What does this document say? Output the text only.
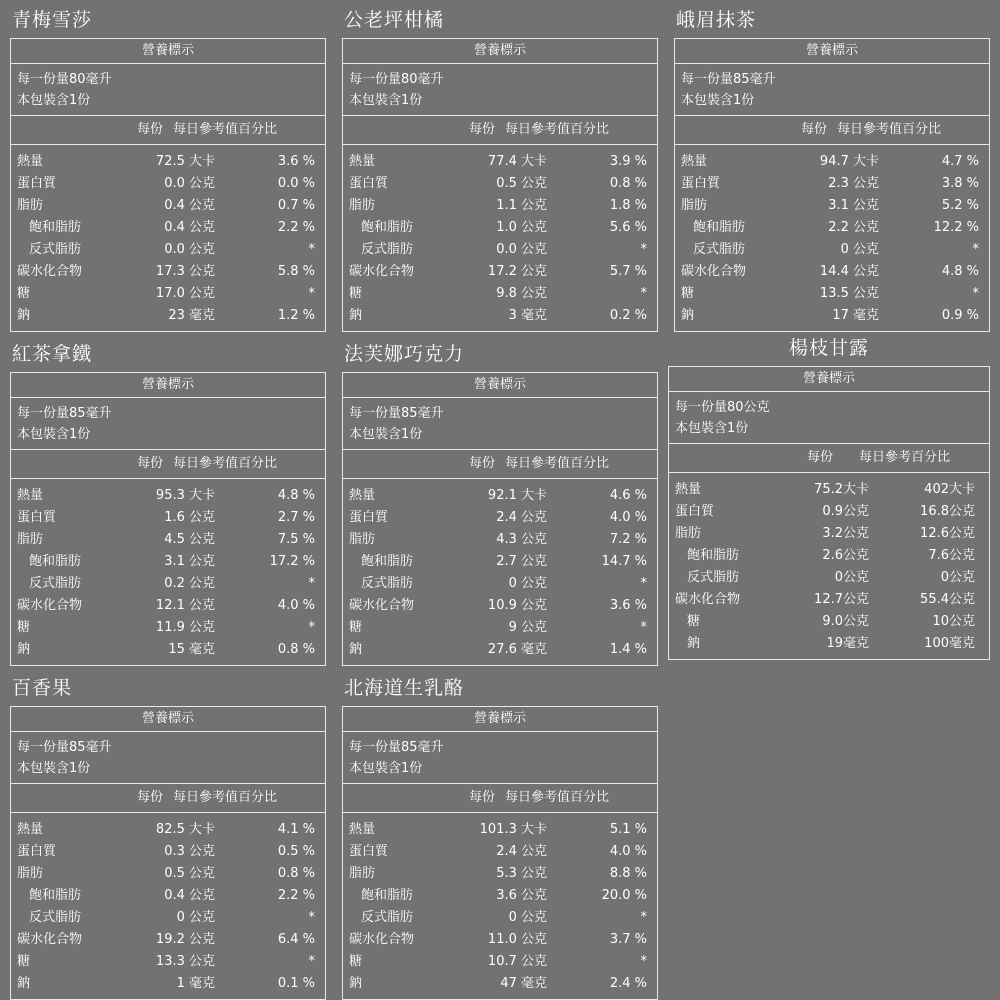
青梅雪莎
營養標示
每一份量80毫升
本包裝含1份
每份 每日參考值百分比
熱量	72.5 大卡	3.6 %
蛋白質	0.0 公克	0.0 %
脂肪	0.4 公克	0.7 %
飽和脂肪	0.4 公克	2.2 %
反式脂肪	0.0 公克	*
碳水化合物	17.3 公克	5.8 %
糖	17.0 公克	*
鈉	23 毫克	1.2 %
公老坪柑橘
營養標示
每一份量80毫升
本包裝含1份
每份 每日參考值百分比
熱量	77.4 大卡	3.9 %
蛋白質	0.5 公克	0.8 %
脂肪	1.1 公克	1.8 %
飽和脂肪	1.0 公克	5.6 %
反式脂肪	0.0 公克	*
碳水化合物	17.2 公克	5.7 %
糖	9.8 公克	*
鈉	3 毫克	0.2 %
峨眉抹茶
營養標示
每一份量85毫升
本包裝含1份
每份 每日參考值百分比
熱量	94.7 大卡	4.7 %
蛋白質	2.3 公克	3.8 %
脂肪	3.1 公克	5.2 %
飽和脂肪	2.2 公克	12.2 %
反式脂肪	0 公克	*
碳水化合物	14.4 公克	4.8 %
糖	13.5 公克	*
鈉	17 毫克	0.9 %
紅茶拿鐵
營養標示
每一份量85毫升
本包裝含1份
每份 每日參考值百分比
熱量	95.3 大卡	4.8 %
蛋白質	1.6 公克	2.7 %
脂肪	4.5 公克	7.5 %
飽和脂肪	3.1 公克	17.2 %
反式脂肪	0.2 公克	*
碳水化合物	12.1 公克	4.0 %
糖	11.9 公克	*
鈉	15 毫克	0.8 %
法芙娜巧克力
營養標示
每一份量85毫升
本包裝含1份
每份 每日參考值百分比
熱量	92.1 大卡	4.6 %
蛋白質	2.4 公克	4.0 %
脂肪	4.3 公克	7.2 %
飽和脂肪	2.7 公克	14.7 %
反式脂肪	0 公克	*
碳水化合物	10.9 公克	3.6 %
糖	9 公克	*
鈉	27.6 毫克	1.4 %
百香果
營養標示
每一份量85毫升
本包裝含1份
每份 每日參考值百分比
熱量	82.5 大卡	4.1 %
蛋白質	0.3 公克	0.5 %
脂肪	0.5 公克	0.8 %
飽和脂肪	0.4 公克	2.2 %
反式脂肪	0 公克	*
碳水化合物	19.2 公克	6.4 %
糖	13.3 公克	*
鈉	1 毫克	0.1 %
北海道生乳酪
營養標示
每一份量85毫升
本包裝含1份
每份 每日參考值百分比
熱量	101.3 大卡	5.1 %
蛋白質	2.4 公克	4.0 %
脂肪	5.3 公克	8.8 %
飽和脂肪	3.6 公克	20.0 %
反式脂肪	0 公克	*
碳水化合物	11.0 公克	3.7 %
糖	10.7 公克	*
鈉	47 毫克	2.4 %
楊枝甘露
營養標示
每一份量80公克
本包裝含1份
每份 每日參考百分比
熱量	75.2大卡	402大卡
蛋白質	0.9公克	16.8公克
脂肪	3.2公克	12.6公克
飽和脂肪	2.6公克	7.6公克
反式脂肪	0公克	0公克
碳水化合物	12.7公克	55.4公克
糖	9.0公克	10公克
鈉	19毫克	100毫克
